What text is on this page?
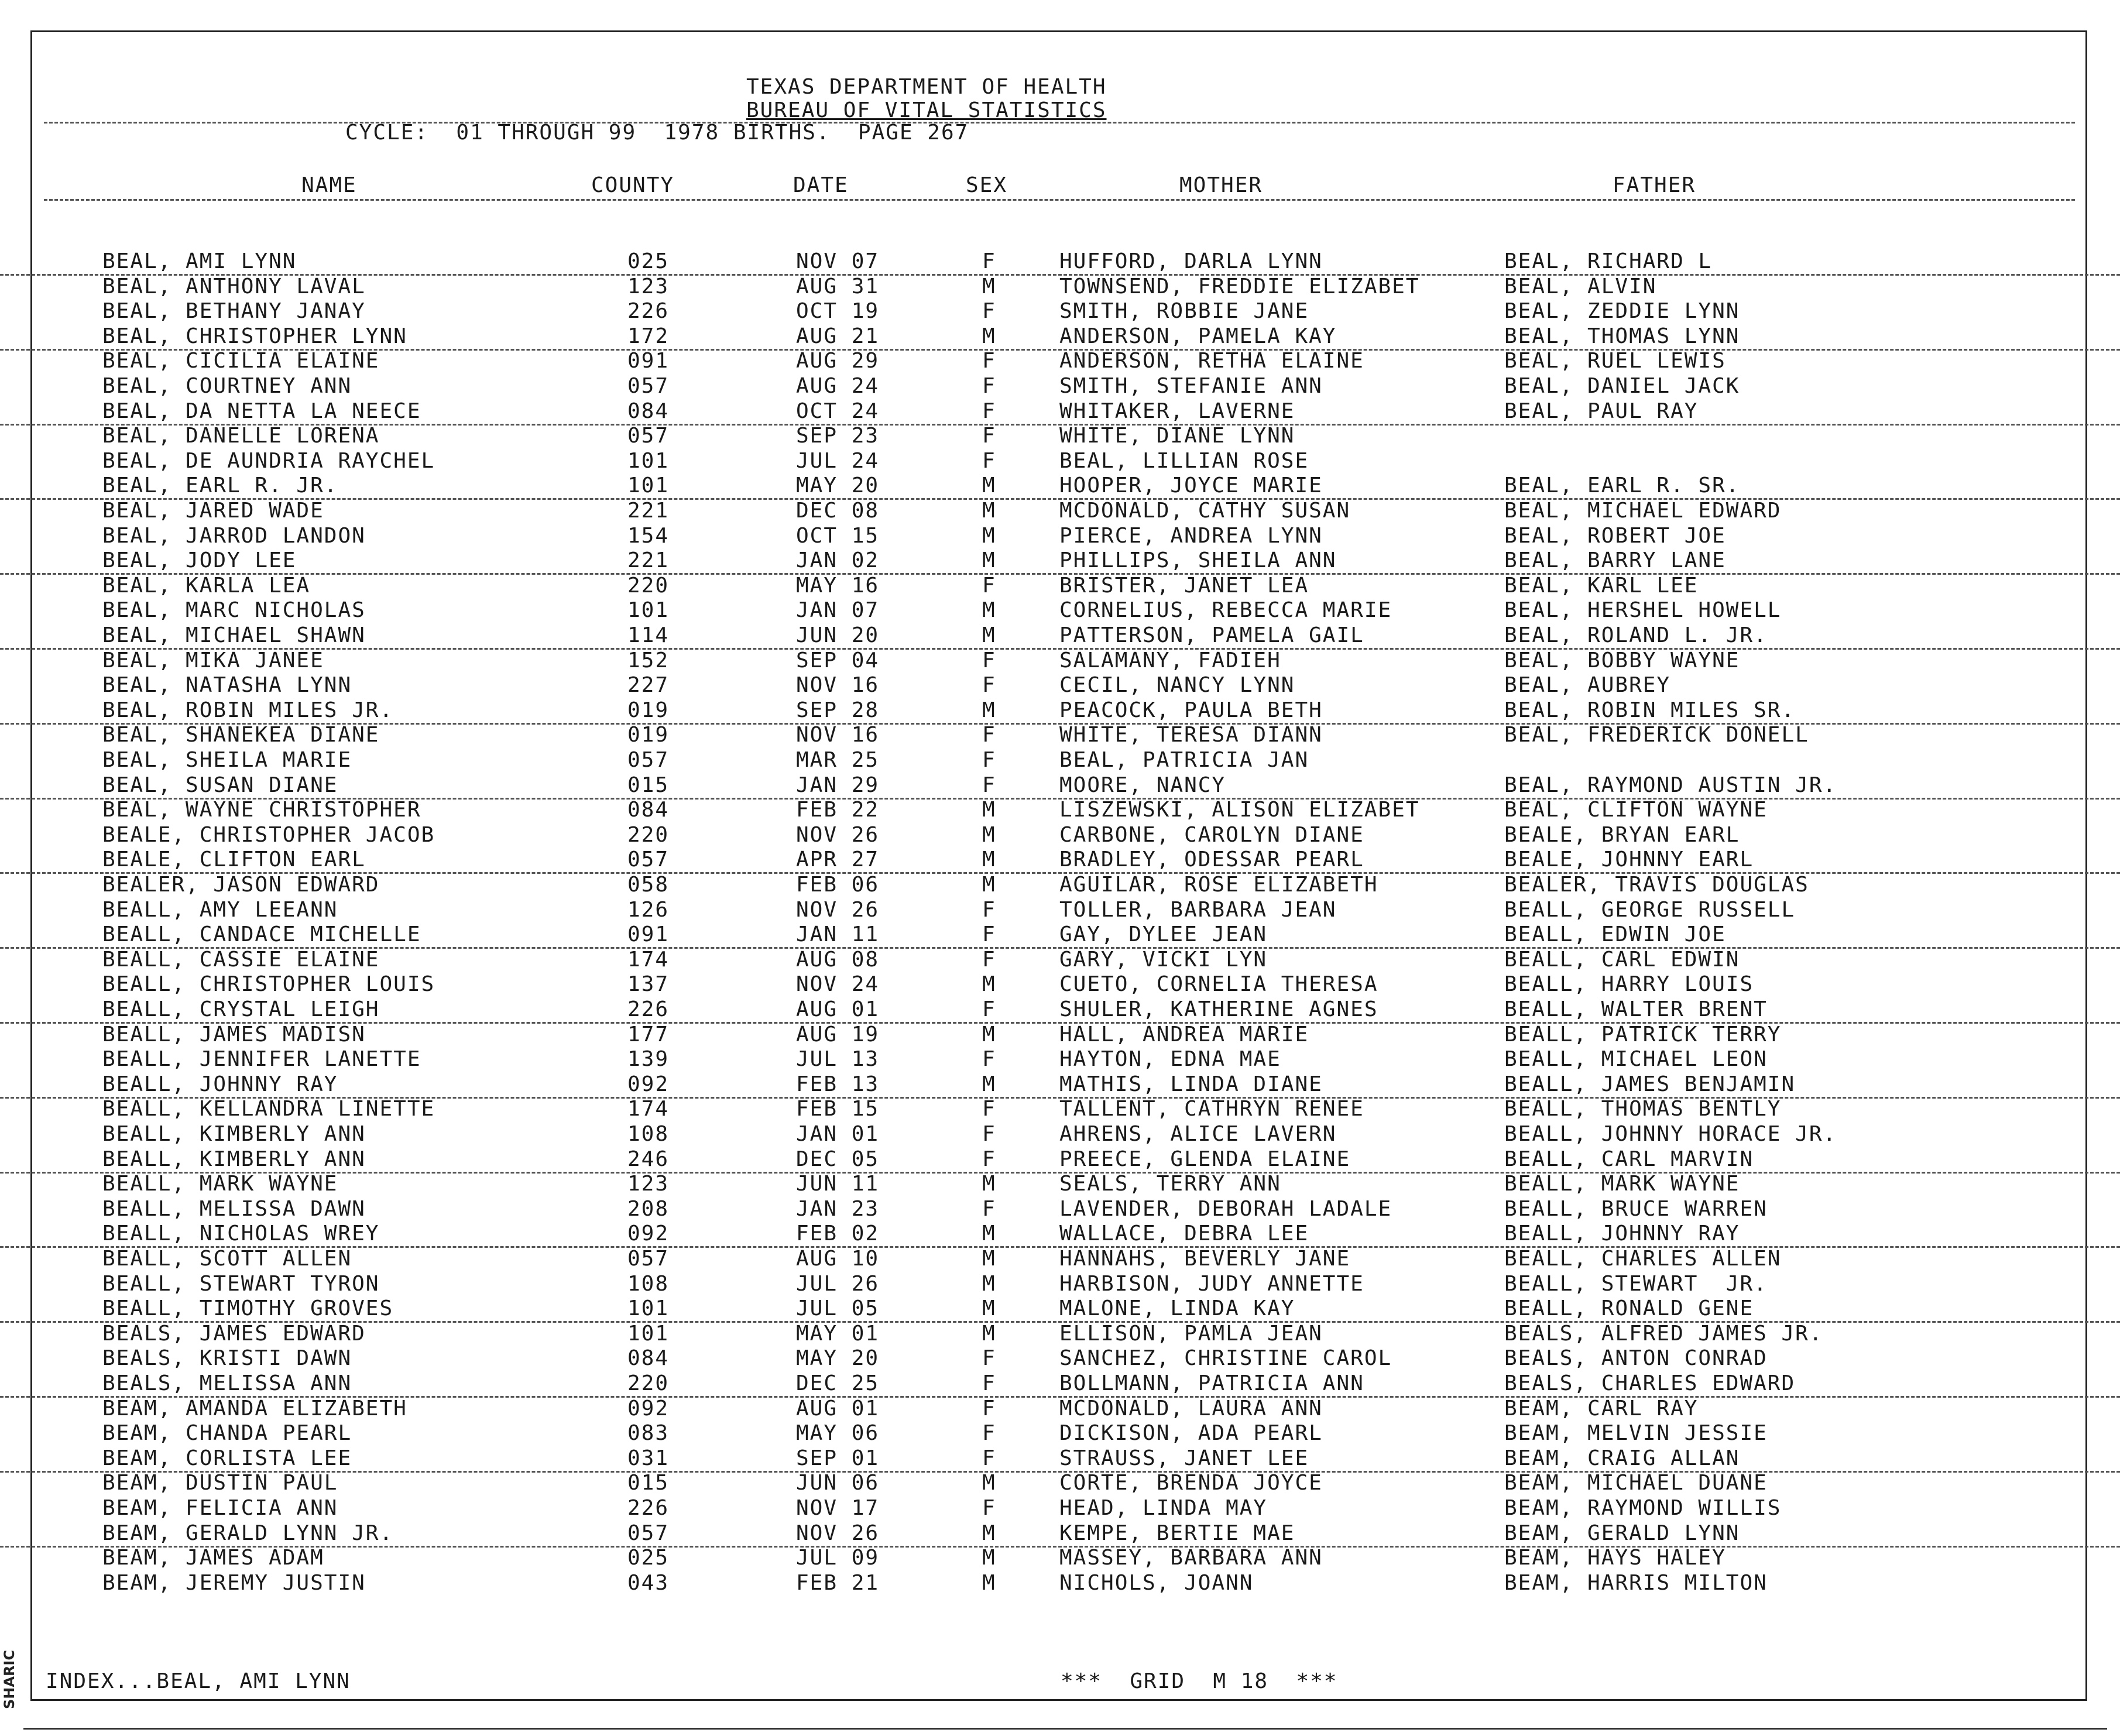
SHARIC
TEXAS DEPARTMENT OF HEALTH
BUREAU OF VITAL STATISTICS
CYCLE:  01 THROUGH 99  1978 BIRTHS.  PAGE 267
NAME	COUNTY	DATE	SEX	MOTHER	FATHER
BEAL, AMI LYNN	025	NOV 07	F	HUFFORD, DARLA LYNN	BEAL, RICHARD L
BEAL, ANTHONY LAVAL	123	AUG 31	M	TOWNSEND, FREDDIE ELIZABET	BEAL, ALVIN
BEAL, BETHANY JANAY	226	OCT 19	F	SMITH, ROBBIE JANE	BEAL, ZEDDIE LYNN
BEAL, CHRISTOPHER LYNN	172	AUG 21	M	ANDERSON, PAMELA KAY	BEAL, THOMAS LYNN
BEAL, CICILIA ELAINE	091	AUG 29	F	ANDERSON, RETHA ELAINE	BEAL, RUEL LEWIS
BEAL, COURTNEY ANN	057	AUG 24	F	SMITH, STEFANIE ANN	BEAL, DANIEL JACK
BEAL, DA NETTA LA NEECE	084	OCT 24	F	WHITAKER, LAVERNE	BEAL, PAUL RAY
BEAL, DANELLE LORENA	057	SEP 23	F	WHITE, DIANE LYNN
BEAL, DE AUNDRIA RAYCHEL	101	JUL 24	F	BEAL, LILLIAN ROSE
BEAL, EARL R. JR.	101	MAY 20	M	HOOPER, JOYCE MARIE	BEAL, EARL R. SR.
BEAL, JARED WADE	221	DEC 08	M	MCDONALD, CATHY SUSAN	BEAL, MICHAEL EDWARD
BEAL, JARROD LANDON	154	OCT 15	M	PIERCE, ANDREA LYNN	BEAL, ROBERT JOE
BEAL, JODY LEE	221	JAN 02	M	PHILLIPS, SHEILA ANN	BEAL, BARRY LANE
BEAL, KARLA LEA	220	MAY 16	F	BRISTER, JANET LEA	BEAL, KARL LEE
BEAL, MARC NICHOLAS	101	JAN 07	M	CORNELIUS, REBECCA MARIE	BEAL, HERSHEL HOWELL
BEAL, MICHAEL SHAWN	114	JUN 20	M	PATTERSON, PAMELA GAIL	BEAL, ROLAND L. JR.
BEAL, MIKA JANEE	152	SEP 04	F	SALAMANY, FADIEH	BEAL, BOBBY WAYNE
BEAL, NATASHA LYNN	227	NOV 16	F	CECIL, NANCY LYNN	BEAL, AUBREY
BEAL, ROBIN MILES JR.	019	SEP 28	M	PEACOCK, PAULA BETH	BEAL, ROBIN MILES SR.
BEAL, SHANEKEA DIANE	019	NOV 16	F	WHITE, TERESA DIANN	BEAL, FREDERICK DONELL
BEAL, SHEILA MARIE	057	MAR 25	F	BEAL, PATRICIA JAN
BEAL, SUSAN DIANE	015	JAN 29	F	MOORE, NANCY	BEAL, RAYMOND AUSTIN JR.
BEAL, WAYNE CHRISTOPHER	084	FEB 22	M	LISZEWSKI, ALISON ELIZABET	BEAL, CLIFTON WAYNE
BEALE, CHRISTOPHER JACOB	220	NOV 26	M	CARBONE, CAROLYN DIANE	BEALE, BRYAN EARL
BEALE, CLIFTON EARL	057	APR 27	M	BRADLEY, ODESSAR PEARL	BEALE, JOHNNY EARL
BEALER, JASON EDWARD	058	FEB 06	M	AGUILAR, ROSE ELIZABETH	BEALER, TRAVIS DOUGLAS
BEALL, AMY LEEANN	126	NOV 26	F	TOLLER, BARBARA JEAN	BEALL, GEORGE RUSSELL
BEALL, CANDACE MICHELLE	091	JAN 11	F	GAY, DYLEE JEAN	BEALL, EDWIN JOE
BEALL, CASSIE ELAINE	174	AUG 08	F	GARY, VICKI LYN	BEALL, CARL EDWIN
BEALL, CHRISTOPHER LOUIS	137	NOV 24	M	CUETO, CORNELIA THERESA	BEALL, HARRY LOUIS
BEALL, CRYSTAL LEIGH	226	AUG 01	F	SHULER, KATHERINE AGNES	BEALL, WALTER BRENT
BEALL, JAMES MADISN	177	AUG 19	M	HALL, ANDREA MARIE	BEALL, PATRICK TERRY
BEALL, JENNIFER LANETTE	139	JUL 13	F	HAYTON, EDNA MAE	BEALL, MICHAEL LEON
BEALL, JOHNNY RAY	092	FEB 13	M	MATHIS, LINDA DIANE	BEALL, JAMES BENJAMIN
BEALL, KELLANDRA LINETTE	174	FEB 15	F	TALLENT, CATHRYN RENEE	BEALL, THOMAS BENTLY
BEALL, KIMBERLY ANN	108	JAN 01	F	AHRENS, ALICE LAVERN	BEALL, JOHNNY HORACE JR.
BEALL, KIMBERLY ANN	246	DEC 05	F	PREECE, GLENDA ELAINE	BEALL, CARL MARVIN
BEALL, MARK WAYNE	123	JUN 11	M	SEALS, TERRY ANN	BEALL, MARK WAYNE
BEALL, MELISSA DAWN	208	JAN 23	F	LAVENDER, DEBORAH LADALE	BEALL, BRUCE WARREN
BEALL, NICHOLAS WREY	092	FEB 02	M	WALLACE, DEBRA LEE	BEALL, JOHNNY RAY
BEALL, SCOTT ALLEN	057	AUG 10	M	HANNAHS, BEVERLY JANE	BEALL, CHARLES ALLEN
BEALL, STEWART TYRON	108	JUL 26	M	HARBISON, JUDY ANNETTE	BEALL, STEWART  JR.
BEALL, TIMOTHY GROVES	101	JUL 05	M	MALONE, LINDA KAY	BEALL, RONALD GENE
BEALS, JAMES EDWARD	101	MAY 01	M	ELLISON, PAMLA JEAN	BEALS, ALFRED JAMES JR.
BEALS, KRISTI DAWN	084	MAY 20	F	SANCHEZ, CHRISTINE CAROL	BEALS, ANTON CONRAD
BEALS, MELISSA ANN	220	DEC 25	F	BOLLMANN, PATRICIA ANN	BEALS, CHARLES EDWARD
BEAM, AMANDA ELIZABETH	092	AUG 01	F	MCDONALD, LAURA ANN	BEAM, CARL RAY
BEAM, CHANDA PEARL	083	MAY 06	F	DICKISON, ADA PEARL	BEAM, MELVIN JESSIE
BEAM, CORLISTA LEE	031	SEP 01	F	STRAUSS, JANET LEE	BEAM, CRAIG ALLAN
BEAM, DUSTIN PAUL	015	JUN 06	M	CORTE, BRENDA JOYCE	BEAM, MICHAEL DUANE
BEAM, FELICIA ANN	226	NOV 17	F	HEAD, LINDA MAY	BEAM, RAYMOND WILLIS
BEAM, GERALD LYNN JR.	057	NOV 26	M	KEMPE, BERTIE MAE	BEAM, GERALD LYNN
BEAM, JAMES ADAM	025	JUL 09	M	MASSEY, BARBARA ANN	BEAM, HAYS HALEY
BEAM, JEREMY JUSTIN	043	FEB 21	M	NICHOLS, JOANN	BEAM, HARRIS MILTON
INDEX...BEAL, AMI LYNN	***  GRID  M 18  ***
